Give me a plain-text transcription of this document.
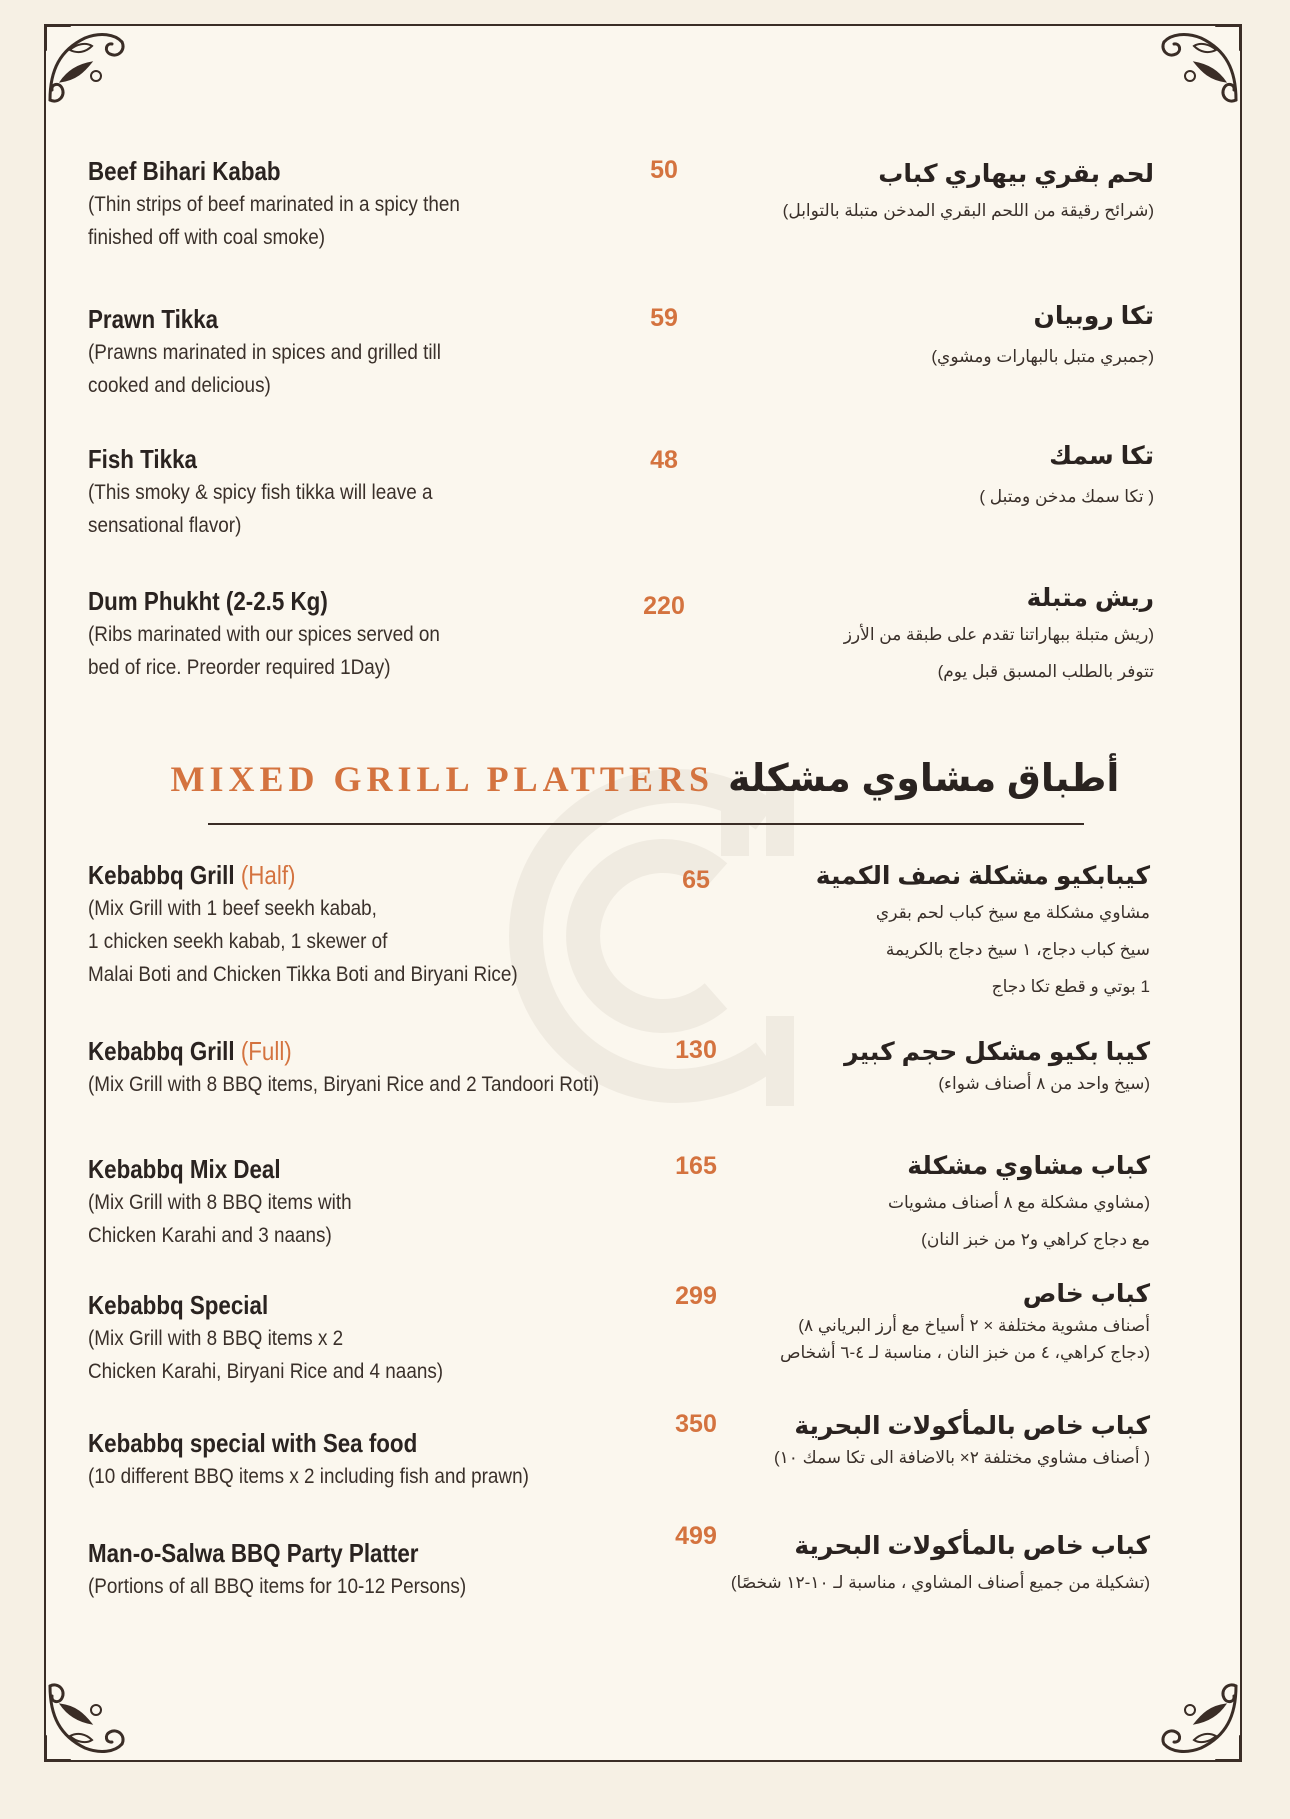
Beef Bihari Kabab
(Thin strips of beef marinated in a spicy then
finished off with coal smoke)
50	لحم بقري بيهاري كباب
(شرائح رقيقة من اللحم البقري المدخن متبلة بالتوابل)
Prawn Tikka
(Prawns marinated in spices and grilled till
cooked and delicious)
59	تكا روبيان
(جمبري متبل بالبهارات ومشوي)
Fish Tikka
(This smoky & spicy fish tikka will leave a
sensational flavor)
48	تكا سمك
( تكا سمك مدخن ومتبل )
Dum Phukht (2-2.5 Kg)
(Ribs marinated with our spices served on
bed of rice. Preorder required 1Day)
220	ريش متبلة
(ريش متبلة ببهاراتنا تقدم على طبقة من الأرز
تتوفر بالطلب المسبق قبل يوم)
MIXED GRILL PLATTERS أطباق مشاوي مشكلة
Kebabbq Grill (Half)
(Mix Grill with 1 beef seekh kabab,
1 chicken seekh kabab, 1 skewer of
Malai Boti and Chicken Tikka Boti and Biryani Rice)
65	كيبابكيو مشكلة نصف الكمية
مشاوي مشكلة مع سيخ كباب لحم بقري
سيخ كباب دجاج، ١ سيخ دجاج بالكريمة
1 بوتي و قطع تكا دجاج
Kebabbq Grill (Full)
(Mix Grill with 8 BBQ items, Biryani Rice and 2 Tandoori Roti)
130	كيبا بكيو مشكل حجم كبير
(سيخ واحد من ٨ أصناف شواء)
Kebabbq Mix Deal
(Mix Grill with 8 BBQ items with
Chicken Karahi and 3 naans)
165	كباب مشاوي مشكلة
(مشاوي مشكلة مع ٨ أصناف مشويات
مع دجاج كراهي و٢ من خبز النان)
Kebabbq Special
(Mix Grill with 8 BBQ items x 2
Chicken Karahi, Biryani Rice and 4 naans)
299	كباب خاص
أصناف مشوية مختلفة × ٢ أسياخ مع أرز البرياني ٨)
(دجاج كراهي، ٤ من خبز النان ، مناسبة لـ ٤-٦ أشخاص
Kebabbq special with Sea food
(10 different BBQ items x 2 including fish and prawn)
350	كباب خاص بالمأكولات البحرية
( أصناف مشاوي مختلفة ٢× بالاضافة الى تكا سمك ١٠)
Man-o-Salwa BBQ Party Platter
(Portions of all BBQ items for 10-12 Persons)
499	كباب خاص بالمأكولات البحرية
(تشكيلة من جميع أصناف المشاوي ، مناسبة لـ ١٠-١٢ شخصًا)
